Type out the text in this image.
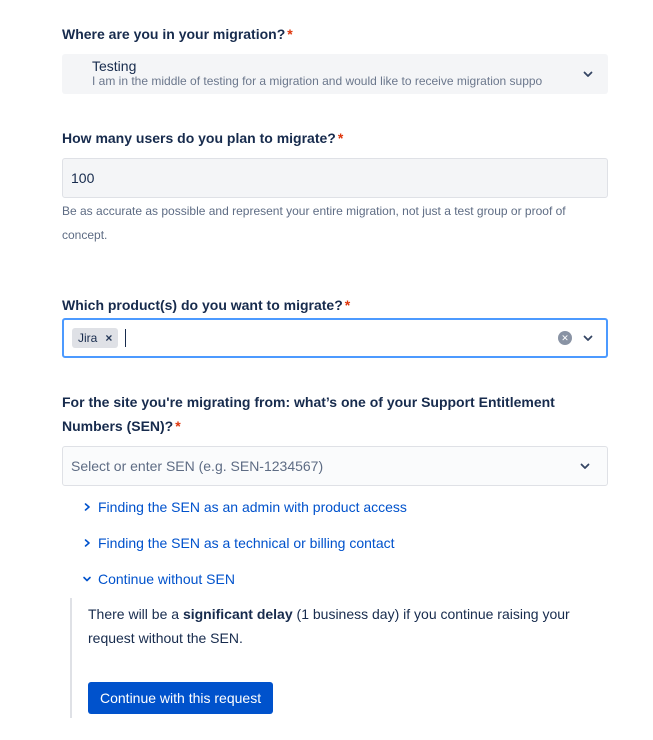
Where are you in your migration? *
Testing
I am in the middle of testing for a migration and would like to receive migration suppo
How many users do you plan to migrate? *
100
Be as accurate as possible and represent your entire migration, not just a test group or proof of concept.
Which product(s) do you want to migrate? *
Jira ×	✕
For the site you're migrating from: what’s one of your Support Entitlement Numbers (SEN)? *
Select or enter SEN (e.g. SEN-1234567)
Finding the SEN as an admin with product access
Finding the SEN as a technical or billing contact
Continue without SEN
There will be a significant delay (1 business day) if you continue raising your request without the SEN.
Continue with this request
